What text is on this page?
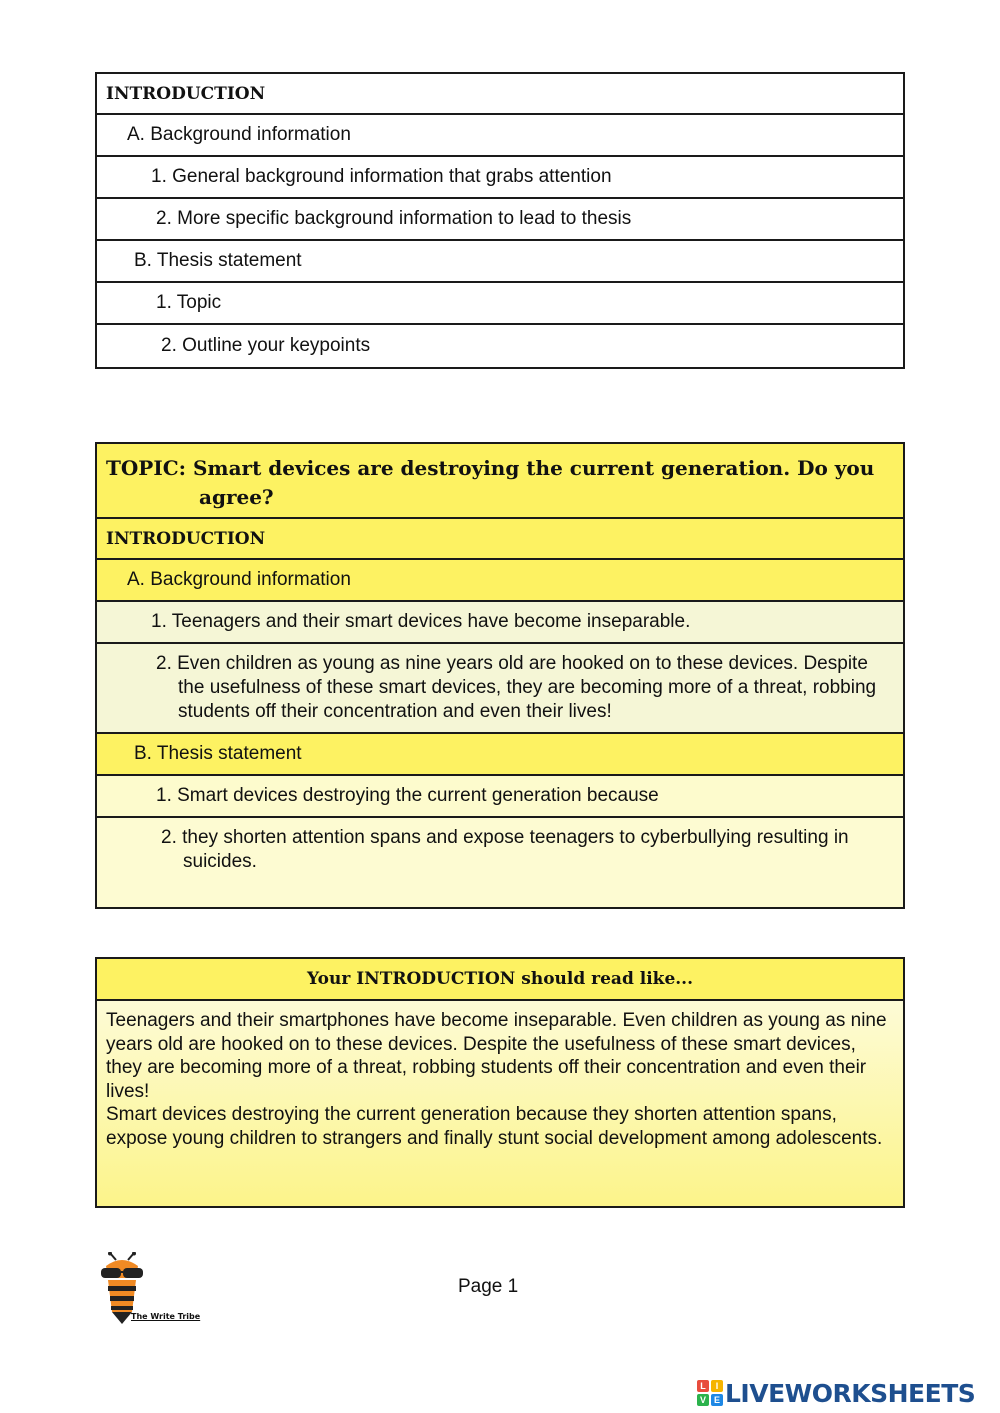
INTRODUCTION
A. Background information
1. General background information that grabs attention
2. More specific background information to lead to thesis
B. Thesis statement
1. Topic
2. Outline your keypoints
TOPIC: Smart devices are destroying the current generation. Do you agree?
INTRODUCTION
A. Background information
1. Teenagers and their smart devices have become inseparable.
2. Even children as young as nine years old are hooked on to these devices. Despite the usefulness of these smart devices, they are becoming more of a threat, robbing students off their concentration and even their lives!
B. Thesis statement
1. Smart devices destroying the current generation because
2. they shorten attention spans and expose teenagers to cyberbullying resulting in suicides.
Your INTRODUCTION should read like...

Teenagers and their smartphones have become inseparable. Even children as young as nine years old are hooked on to these devices. Despite the usefulness of these smart devices, they are becoming more of a threat, robbing students off their concentration and even their lives!

Smart devices destroying the current generation because they shorten attention spans, expose young children to strangers and finally stunt social development among adolescents.

The Write Tribe
Page 1
L	I
V E LIVEWORKSHEETS
